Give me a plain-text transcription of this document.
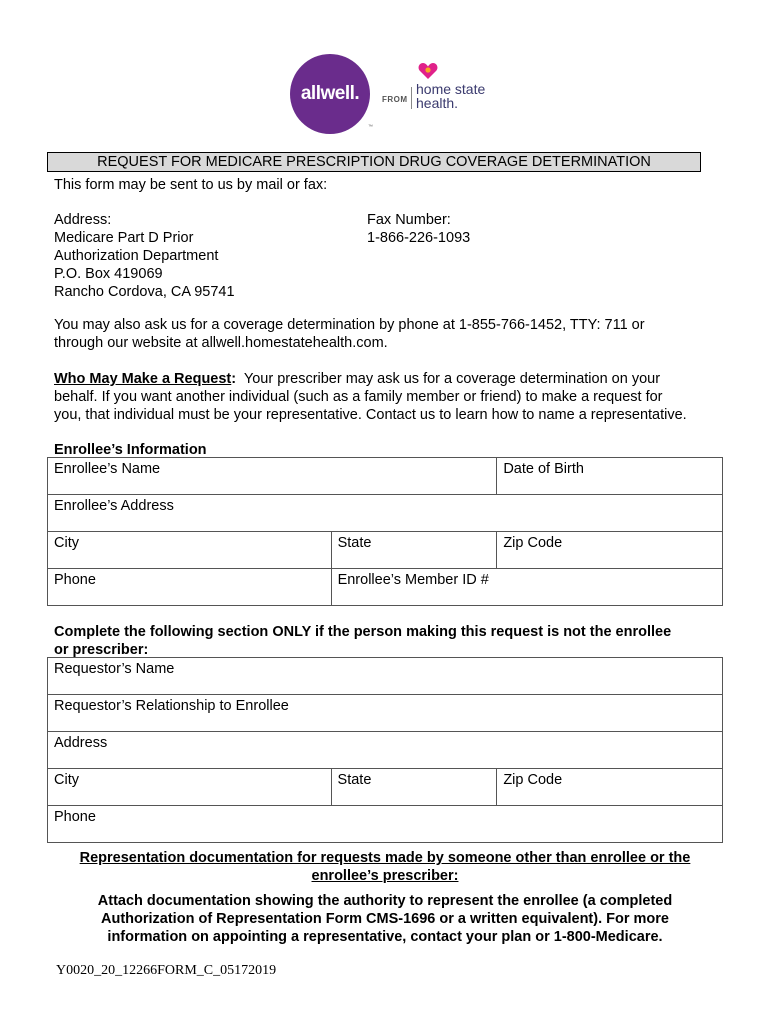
allwell.
™
FROM
home state
health.
REQUEST FOR MEDICARE PRESCRIPTION DRUG COVERAGE DETERMINATION
This form may be sent to us by mail or fax:
Address:
Medicare Part D Prior
Authorization Department
P.O. Box 419069
Rancho Cordova, CA 95741
Fax Number:
1-866-226-1093
You may also ask us for a coverage determination by phone at 1-855-766-1452, TTY: 711 or
through our website at allwell.homestatehealth.com.
Who May Make a Request:  Your prescriber may ask us for a coverage determination on your
behalf. If you want another individual (such as a family member or friend) to make a request for
you, that individual must be your representative. Contact us to learn how to name a representative.
Enrollee’s Information
Enrollee’s Name		Date of Birth
Enrollee’s Address		
City	State	Zip Code
Phone	Enrollee’s Member ID #	
Complete the following section ONLY if the person making this request is not the enrollee
or prescriber:
Requestor’s Name
Requestor’s Relationship to Enrollee
Address
City	State	Zip Code
Phone
Representation documentation for requests made by someone other than enrollee or the
enrollee’s prescriber:
Attach documentation showing the authority to represent the enrollee (a completed
Authorization of Representation Form CMS-1696 or a written equivalent). For more
information on appointing a representative, contact your plan or 1-800-Medicare.
Y0020_20_12266FORM_C_05172019
